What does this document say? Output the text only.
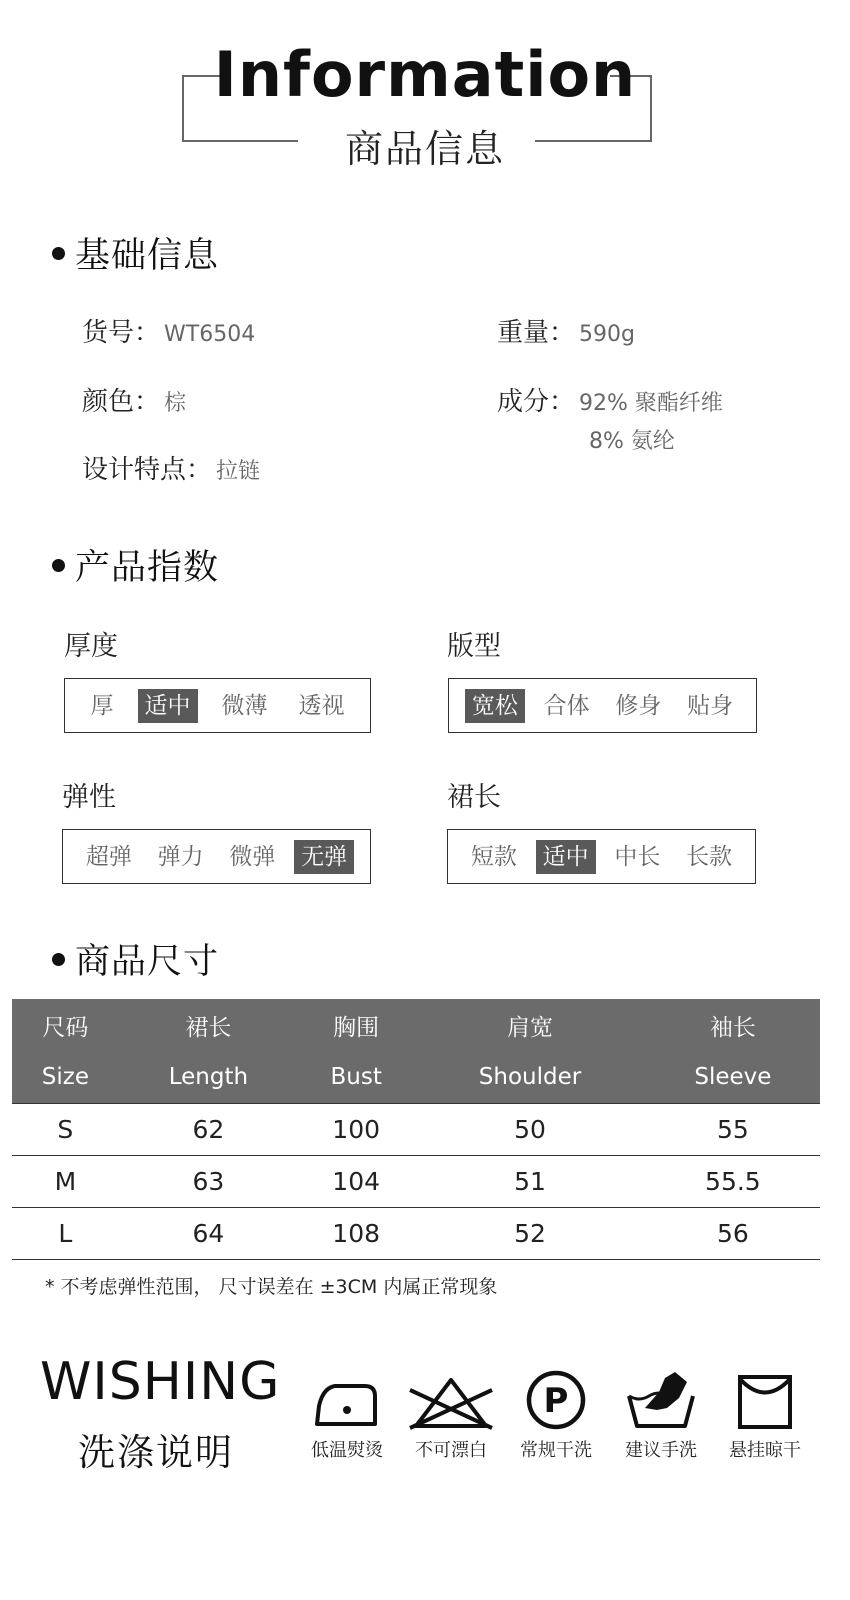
Information
商品信息
基础信息
货号： WT6504	重量： 590g
颜色： 棕	成分： 92% 聚酯纤维
8% 氨纶
设计特点： 拉链
产品指数
厚度
厚	适中	微薄	透视
版型
宽松	合体	修身	贴身
弹性
超弹	弹力	微弹	无弹
裙长
短款	适中	中长	长款
商品尺寸
尺码	裙长	胸围	肩宽	袖长
Size	Length	Bust	Shoulder	Sleeve
S	62	100	50	55
M	63	104	51	55.5
L	64	108	52	56
* 不考虑弹性范围， 尺寸误差在 ±3CM 内属正常现象
WISHING
洗涤说明	低温熨烫	不可漂白
P
常规干洗	建议手洗	悬挂晾干
